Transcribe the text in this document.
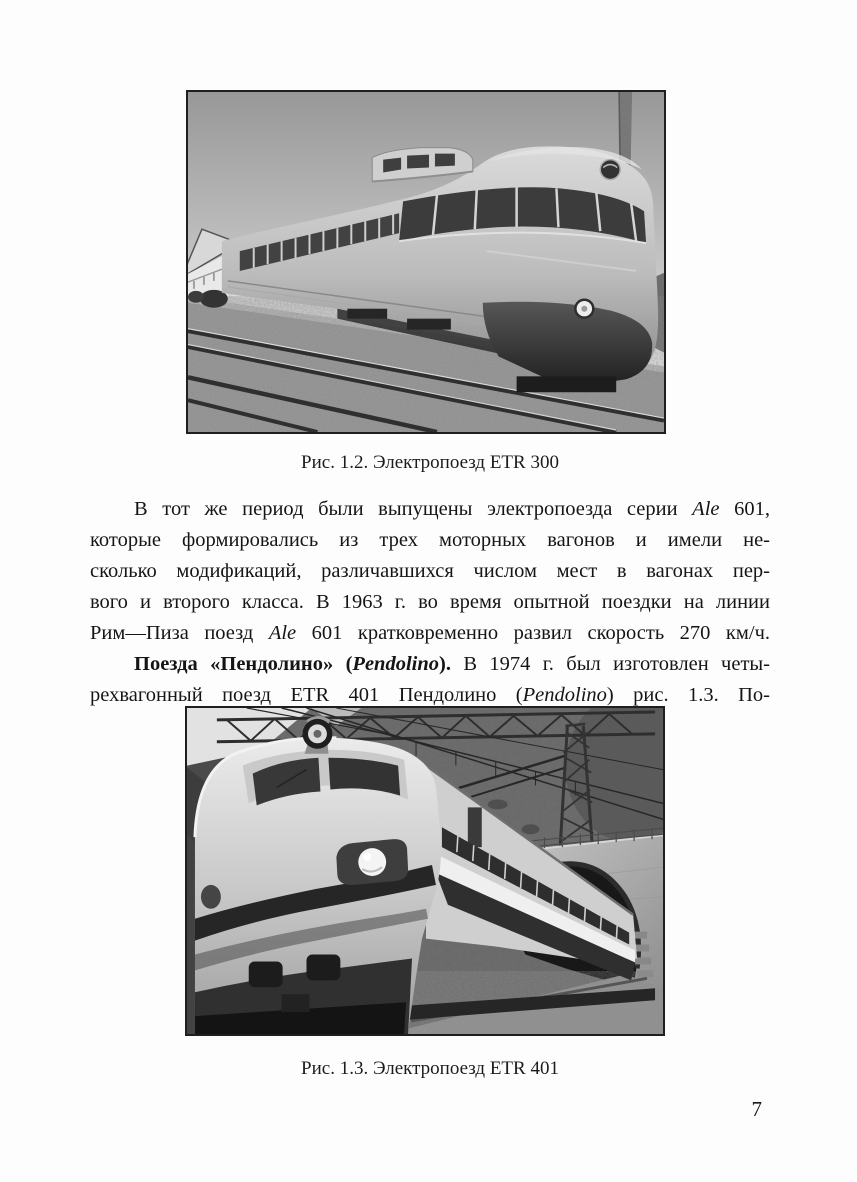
Рис. 1.2. Электропоезд ETR 300
В тот же период были выпущены электропоезда серии Ale 601,
которые формировались из трех моторных вагонов и имели не-
сколько модификаций, различавшихся числом мест в вагонах пер-
вого и второго класса. В 1963 г. во время опытной поездки на линии
Рим—Пиза поезд Ale 601 кратковременно развил скорость 270 км/ч.
Поезда «Пендолино» (Pendolino). В 1974 г. был изготовлен четы-
рехвагонный поезд ETR 401 Пендолино (Pendolino) рис. 1.3. По-
Рис. 1.3. Электропоезд ETR 401
7
